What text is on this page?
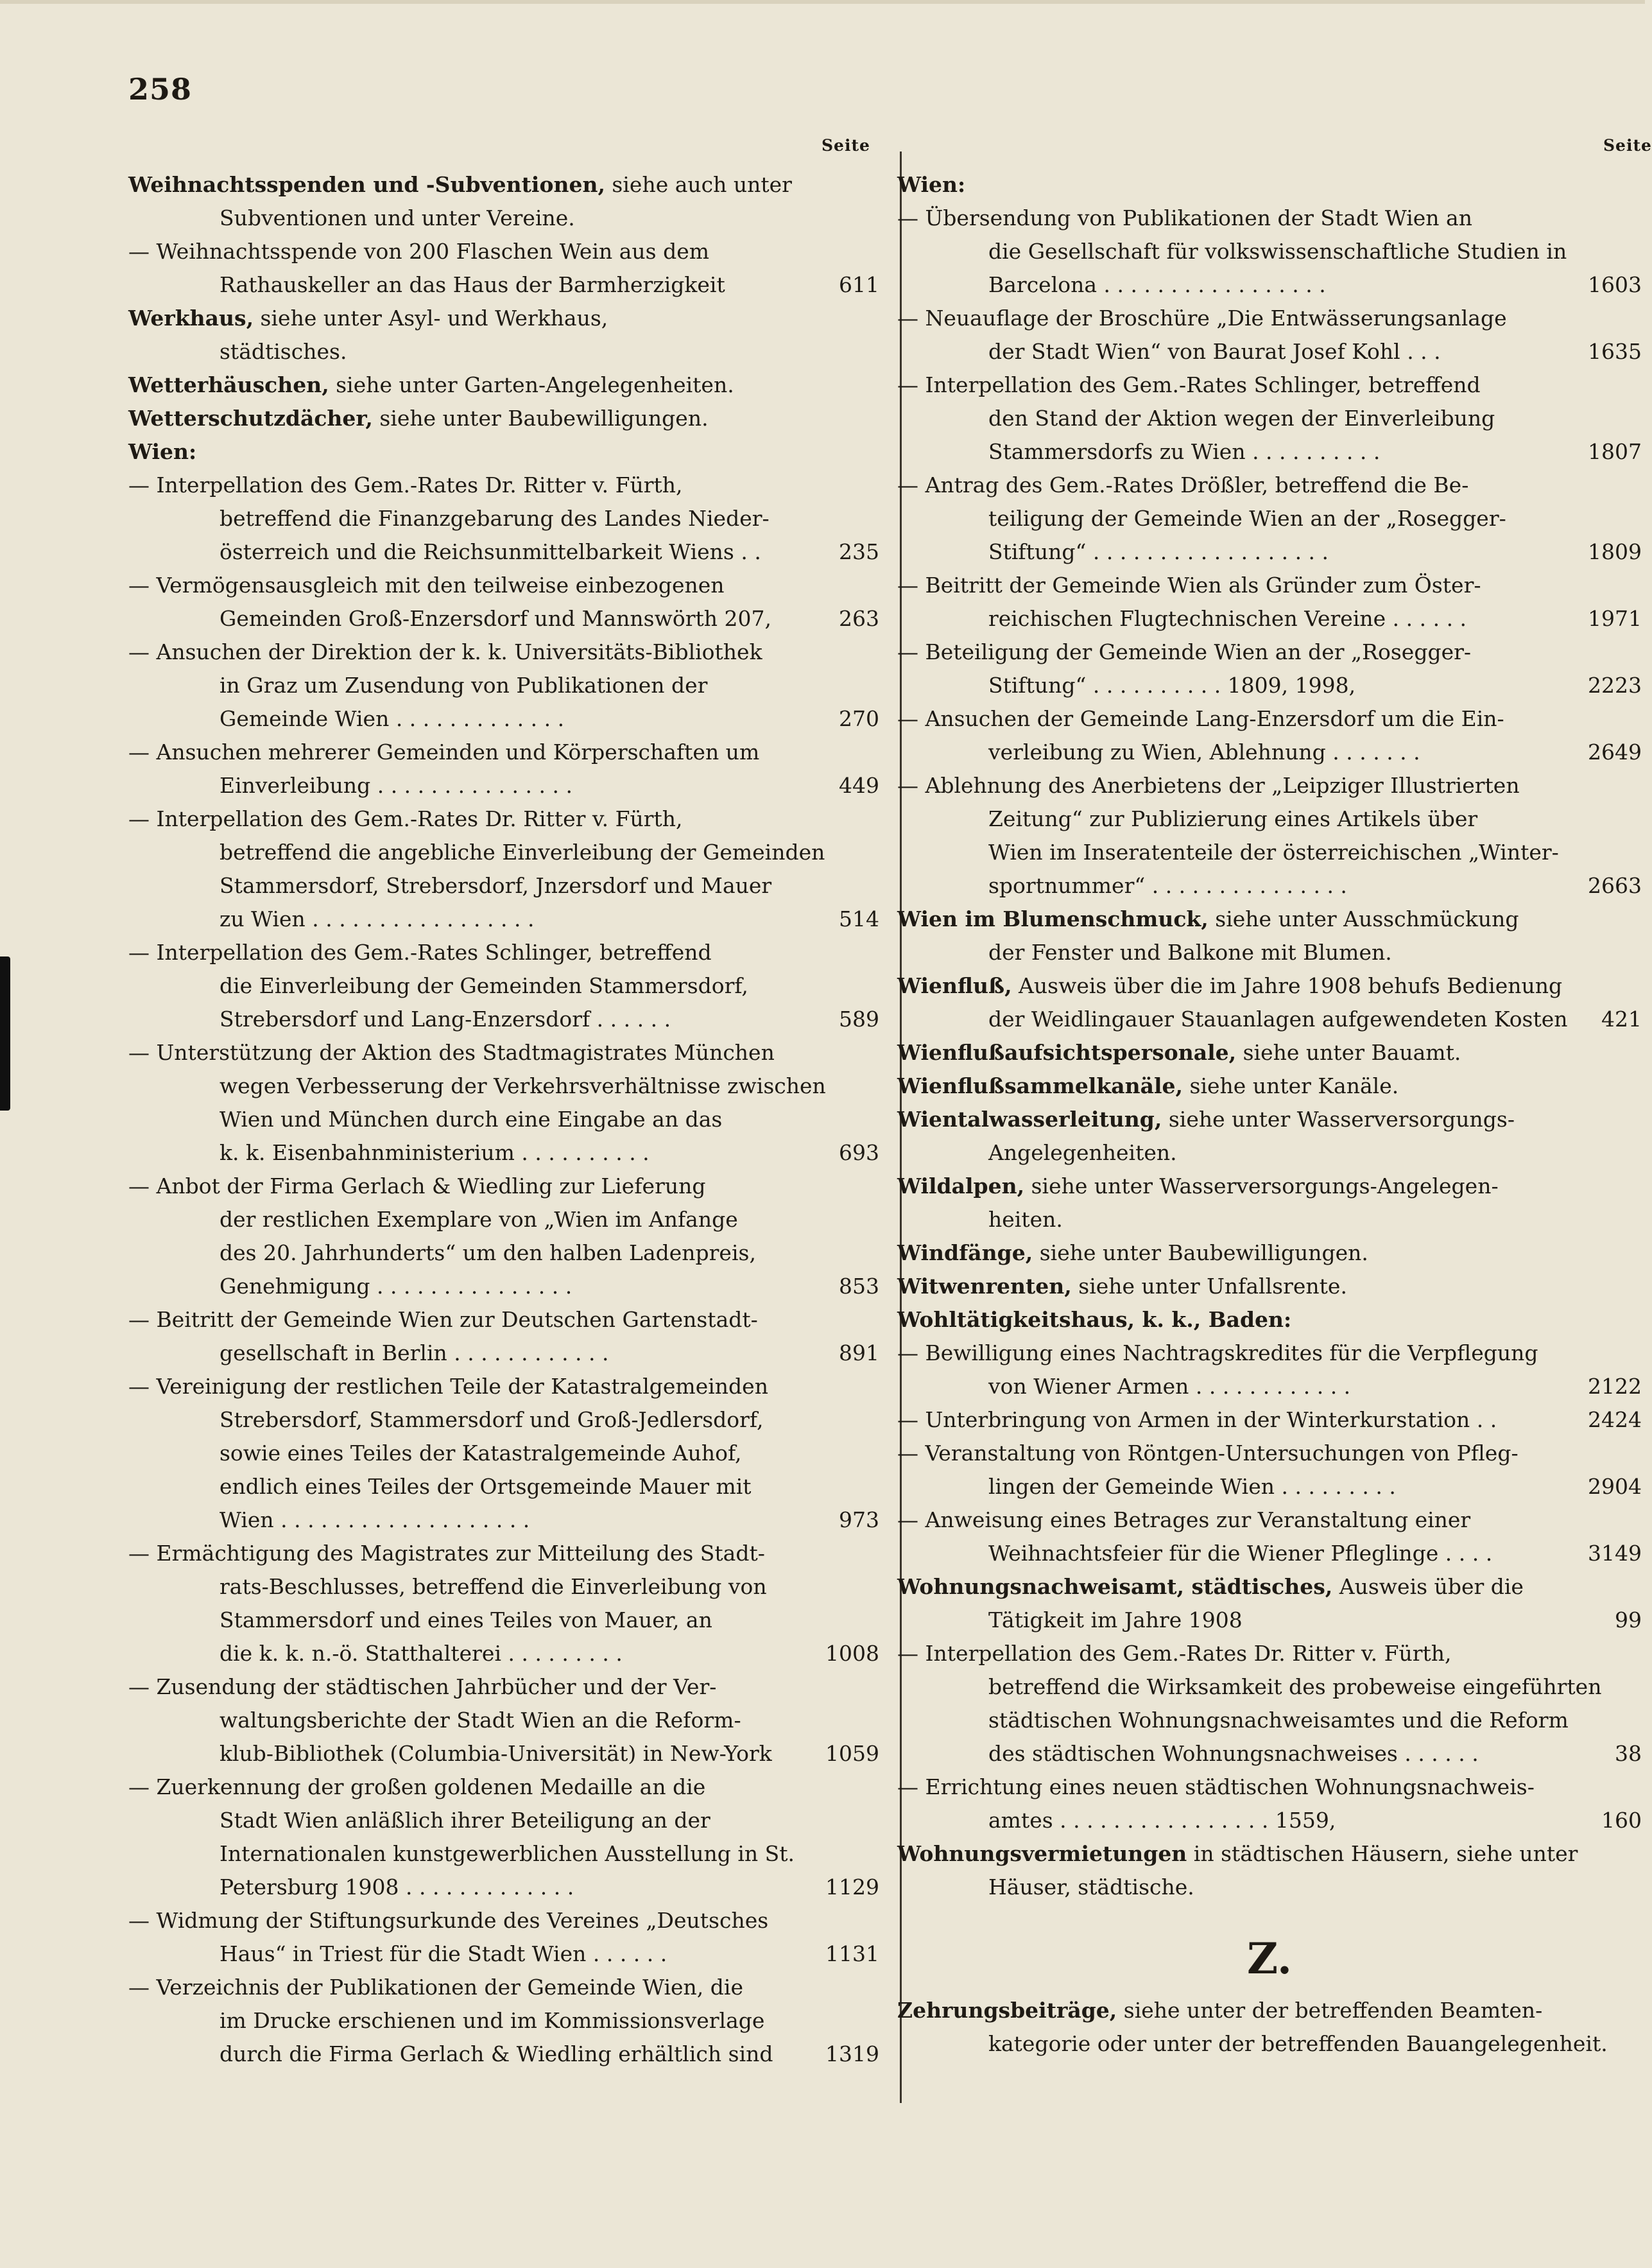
258
Seite	Seite
Weihnachtsspenden und -Subventionen, siehe auch unter
Subventionen und unter Vereine.
— Weihnachtsspende von 200 Flaschen Wein aus dem
Rathauskeller an das Haus der Barmherzigkeit	611
Werkhaus, siehe unter Asyl- und Werkhaus,
städtisches.
Wetterhäuschen, siehe unter Garten-Angelegenheiten.
Wetterschutzdächer, siehe unter Baubewilligungen.
Wien:
— Interpellation des Gem.-Rates Dr. Ritter v. Fürth,
betreffend die Finanzgebarung des Landes Nieder-
österreich und die Reichsunmittelbarkeit Wiens . .	235
— Vermögensausgleich mit den teilweise einbezogenen
Gemeinden Groß-Enzersdorf und Mannswörth 207,	263
— Ansuchen der Direktion der k. k. Universitäts-Bibliothek
in Graz um Zusendung von Publikationen der
Gemeinde Wien . . . . . . . . . . . . .	270
— Ansuchen mehrerer Gemeinden und Körperschaften um
Einverleibung . . . . . . . . . . . . . . .	449
— Interpellation des Gem.-Rates Dr. Ritter v. Fürth,
betreffend die angebliche Einverleibung der Gemeinden
Stammersdorf, Strebersdorf, Jnzersdorf und Mauer
zu Wien . . . . . . . . . . . . . . . . .	514
— Interpellation des Gem.-Rates Schlinger, betreffend
die Einverleibung der Gemeinden Stammersdorf,
Strebersdorf und Lang-Enzersdorf . . . . . .	589
— Unterstützung der Aktion des Stadtmagistrates München
wegen Verbesserung der Verkehrsverhältnisse zwischen
Wien und München durch eine Eingabe an das
k. k. Eisenbahnministerium . . . . . . . . . .	693
— Anbot der Firma Gerlach & Wiedling zur Lieferung
der restlichen Exemplare von „Wien im Anfange
des 20. Jahrhunderts“ um den halben Ladenpreis,
Genehmigung . . . . . . . . . . . . . . .	853
— Beitritt der Gemeinde Wien zur Deutschen Gartenstadt-
gesellschaft in Berlin . . . . . . . . . . . .	891
— Vereinigung der restlichen Teile der Katastralgemeinden
Strebersdorf, Stammersdorf und Groß-Jedlersdorf,
sowie eines Teiles der Katastralgemeinde Auhof,
endlich eines Teiles der Ortsgemeinde Mauer mit
Wien . . . . . . . . . . . . . . . . . . .	973
— Ermächtigung des Magistrates zur Mitteilung des Stadt-
rats-Beschlusses, betreffend die Einverleibung von
Stammersdorf und eines Teiles von Mauer, an
die k. k. n.-ö. Statthalterei . . . . . . . . .	1008
— Zusendung der städtischen Jahrbücher und der Ver-
waltungsberichte der Stadt Wien an die Reform-
klub-Bibliothek (Columbia-Universität) in New-York	1059
— Zuerkennung der großen goldenen Medaille an die
Stadt Wien anläßlich ihrer Beteiligung an der
Internationalen kunstgewerblichen Ausstellung in St.
Petersburg 1908 . . . . . . . . . . . . .	1129
— Widmung der Stiftungsurkunde des Vereines „Deutsches
Haus“ in Triest für die Stadt Wien . . . . . .	1131
— Verzeichnis der Publikationen der Gemeinde Wien, die
im Drucke erschienen und im Kommissionsverlage
durch die Firma Gerlach & Wiedling erhältlich sind 1319
Wien:
— Übersendung von Publikationen der Stadt Wien an
die Gesellschaft für volkswissenschaftliche Studien in
Barcelona . . . . . . . . . . . . . . . . .	1603
— Neuauflage der Broschüre „Die Entwässerungsanlage
der Stadt Wien“ von Baurat Josef Kohl . . .	1635
— Interpellation des Gem.-Rates Schlinger, betreffend
den Stand der Aktion wegen der Einverleibung
Stammersdorfs zu Wien . . . . . . . . . .	1807
— Antrag des Gem.-Rates Drößler, betreffend die Be-
teiligung der Gemeinde Wien an der „Rosegger-
Stiftung“ . . . . . . . . . . . . . . . . . .	1809
— Beitritt der Gemeinde Wien als Gründer zum Öster-
reichischen Flugtechnischen Vereine . . . . . .	1971
— Beteiligung der Gemeinde Wien an der „Rosegger-
Stiftung“ . . . . . . . . . . 1809, 1998,	2223
— Ansuchen der Gemeinde Lang-Enzersdorf um die Ein-
verleibung zu Wien, Ablehnung . . . . . . .	2649
— Ablehnung des Anerbietens der „Leipziger Illustrierten
Zeitung“ zur Publizierung eines Artikels über
Wien im Inseratenteile der österreichischen „Winter-
sportnummer“ . . . . . . . . . . . . . . .	2663
Wien im Blumenschmuck, siehe unter Ausschmückung
der Fenster und Balkone mit Blumen.
Wienfluß, Ausweis über die im Jahre 1908 behufs Bedienung
der Weidlingauer Stauanlagen aufgewendeten Kosten 421
Wienflußaufsichtspersonale, siehe unter Bauamt.
Wienflußsammelkanäle, siehe unter Kanäle.
Wientalwasserleitung, siehe unter Wasserversorgungs-
Angelegenheiten.
Wildalpen, siehe unter Wasserversorgungs-Angelegen-
heiten.
Windfänge, siehe unter Baubewilligungen.
Witwenrenten, siehe unter Unfallsrente.
Wohltätigkeitshaus, k. k., Baden:
— Bewilligung eines Nachtragskredites für die Verpflegung
von Wiener Armen . . . . . . . . . . . .	2122
— Unterbringung von Armen in der Winterkurstation . .	2424
— Veranstaltung von Röntgen-Untersuchungen von Pfleg-
lingen der Gemeinde Wien . . . . . . . . .	2904
— Anweisung eines Betrages zur Veranstaltung einer
Weihnachtsfeier für die Wiener Pfleglinge . . . .	3149
Wohnungsnachweisamt, städtisches, Ausweis über die
Tätigkeit im Jahre 1908	99
— Interpellation des Gem.-Rates Dr. Ritter v. Fürth,
betreffend die Wirksamkeit des probeweise eingeführten
städtischen Wohnungsnachweisamtes und die Reform
des städtischen Wohnungsnachweises . . . . . .	38
— Errichtung eines neuen städtischen Wohnungsnachweis-
amtes . . . . . . . . . . . . . . . . 1559,	160
Wohnungsvermietungen in städtischen Häusern, siehe unter
Häuser, städtische.
Z.
Zehrungsbeiträge, siehe unter der betreffenden Beamten-
kategorie oder unter der betreffenden Bauangelegenheit.
